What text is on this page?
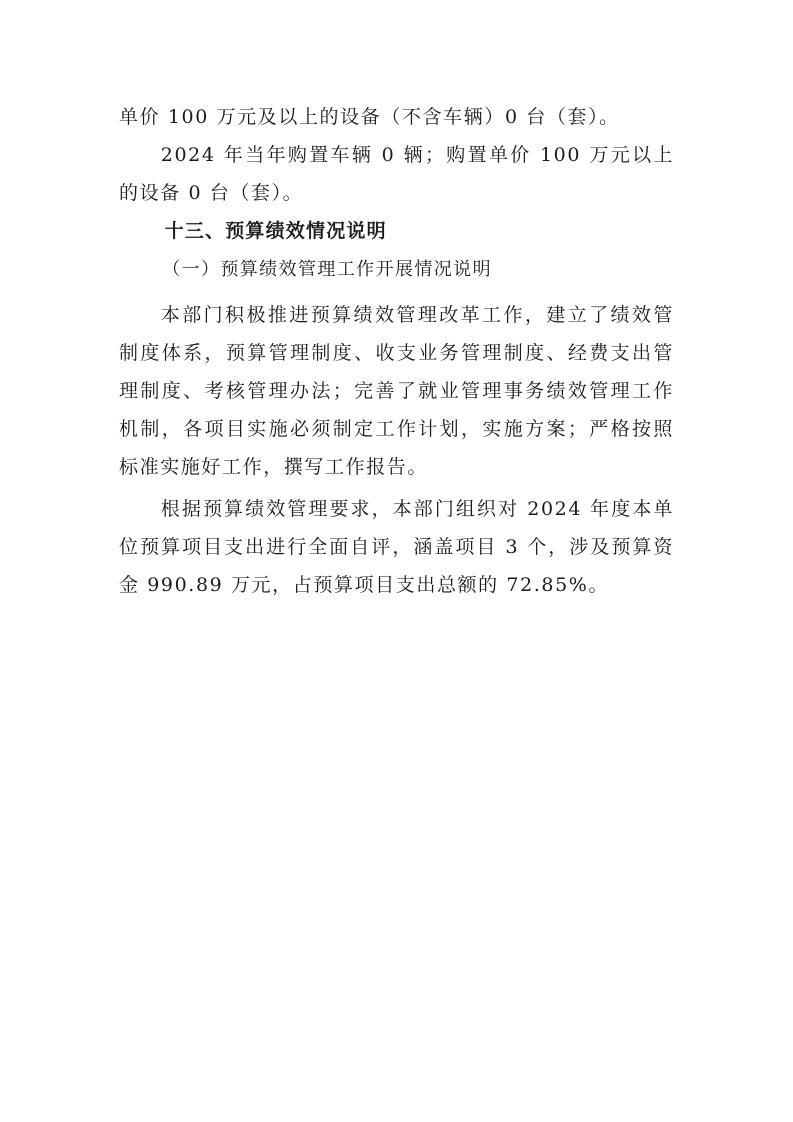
单价 100 万元及以上的设备（不含车辆）0 台（套）。

2024 年当年购置车辆 0 辆；购置单价 100 万元以上的设备 0 台（套）。

十三、预算绩效情况说明

（一）预算绩效管理工作开展情况说明

本部门积极推进预算绩效管理改革工作，建立了绩效管制度体系，预算管理制度、收支业务管理制度、经费支出管理制度、考核管理办法；完善了就业管理事务绩效管理工作机制，各项目实施必须制定工作计划，实施方案；严格按照标准实施好工作，撰写工作报告。

根据预算绩效管理要求，本部门组织对 2024 年度本单位预算项目支出进行全面自评，涵盖项目 3 个，涉及预算资金 990.89 万元，占预算项目支出总额的 72.85%。
